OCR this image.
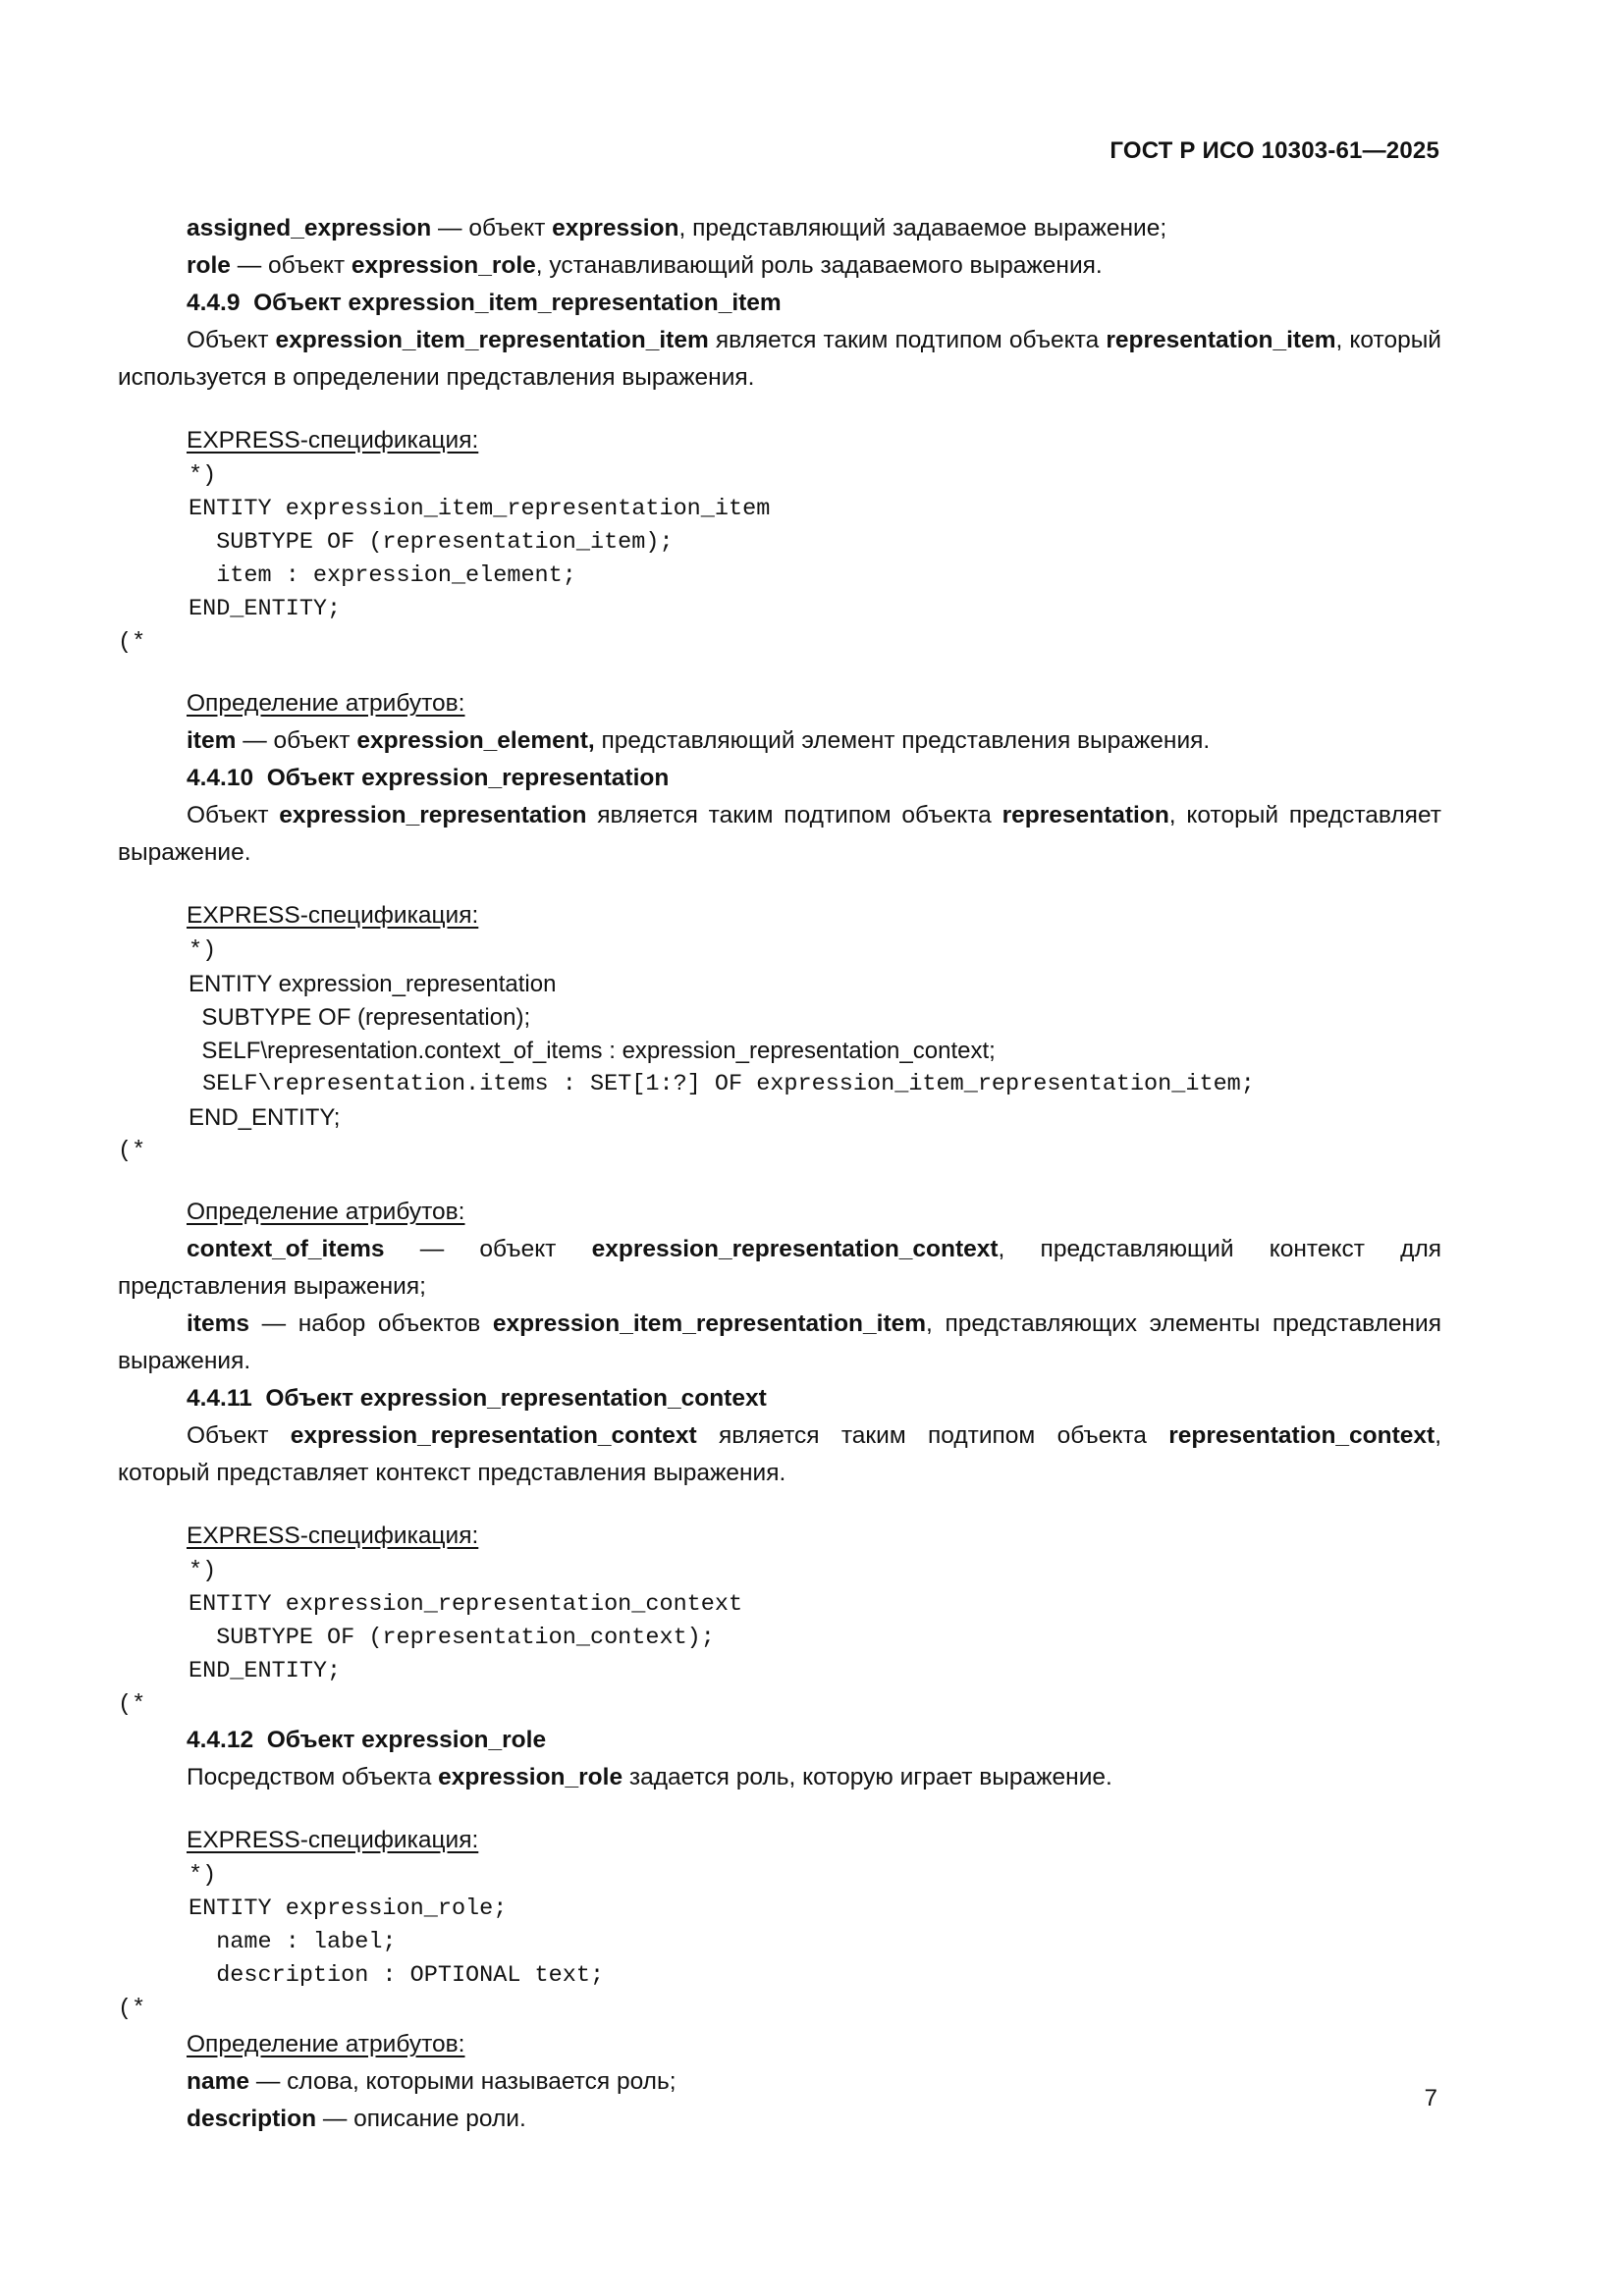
ГОСТ Р ИСО 10303-61—2025
assigned_expression — объект expression, представляющий задаваемое выражение;
role — объект expression_role, устанавливающий роль задаваемого выражения.
4.4.9  Объект expression_item_representation_item
Объект expression_item_representation_item является таким подтипом объекта representation_​item, который используется в определении представления выражения.
EXPRESS-спецификация:
*)
ENTITY expression_item_representation_item
SUBTYPE OF (representation_item);
item : expression_element;
END_ENTITY;
(*
Определение атрибутов:
item — объект expression_element, представляющий элемент представления выражения.
4.4.10  Объект expression_representation
Объект expression_representation является таким подтипом объекта representation, который представляет выражение.
EXPRESS-спецификация:
*)
ENTITY expression_representation
SUBTYPE OF (representation);
SELF\representation.context_of_items : expression_representation_context;
SELF\representation.items : SET[1:?] OF expression_item_representation_item;
END_ENTITY;
(*
Определение атрибутов:
context_of_items — объект expression_representation_context, представляющий контекст для представления выражения;
items — набор объектов expression_item_representation_item, представляющих элементы представления выражения.
4.4.11  Объект expression_representation_context
Объект expression_representation_context является таким подтипом объекта representation_​context, который представляет контекст представления выражения.
EXPRESS-спецификация:
*)
ENTITY expression_representation_context
SUBTYPE OF (representation_context);
END_ENTITY;
(*
4.4.12  Объект expression_role
Посредством объекта expression_role задается роль, которую играет выражение.
EXPRESS-спецификация:
*)
ENTITY expression_role;
name : label;
description : OPTIONAL text;
(*
Определение атрибутов:
name — слова, которыми называется роль;
description — описание роли.
7
